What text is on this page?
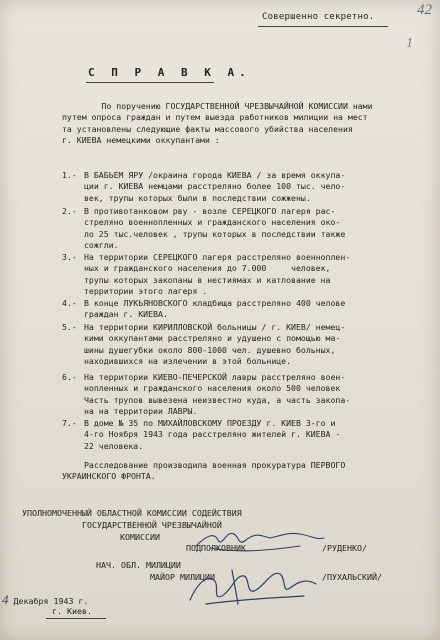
42
1
Совершенно секретно.
С П Р А В К А.
По поручению ГОСУДАРСТВЕННОЙ ЧРЕЗВЫЧАЙНОЙ КОМИССИИ нами
путем опроса граждан и путем выезда работников милиции на мест
та установлены следующие факты массового убийства населения
г. КИЕВА немецкими оккупантами :
1.- В БАБЬЕМ ЯРУ /окраина города КИЕВА / за время оккупа-
ции г. КИЕВА немцами расстреляно более 100 тыс. чело-
век, трупы которых были в последствии сожжены.
2.- В противотанковом рву - возле СЕРЕЦКОГО лагеря рас-
стреляно военнопленных и гражданского населения око-
ло 25 тыс.человек , трупы которых в последствии также
сожгли.
3.- На территории СЕРЕЦКОГО лагеря расстреляно военноплен-
ных и гражданского населения до 7.000     человек,
трупы которых закопаны в нестиямах и катлование на
территории этого лагеря .
4.- В конце ЛУКЬЯНОВСКОГО кладбища расстреляно 400 челове
граждан г. КИЕВА.
5.- На территории КИРИЛЛОВСКОЙ больницы / г. КИЕВ/ немец-
кими оккупантами расстреляно и удушено с помощью ма-
шины душегубки около 800-1000 чел. душевно больных,
находившихся на излечении в этой больнице.
6.- На территории КИЕВО-ПЕЧЕРСКОЙ лавры расстреляно воен-
нопленных и гражданского населения около 500 человек
Часть трупов вывезена неизвестно куда, а часть закопа-
на на территории ЛАВРЫ.
7.- В доме № 35 по МИХАЙЛОВСКОМУ ПРОЕЗДУ г. КИЕВ 3-го и
4-го Ноября 1943 года расстреляно жителей г. КИЕВА -
22 человека.
Расследование производила военная прокуратура ПЕРВОГО
УКРАИНСКОГО ФРОНТА.
УПОЛНОМОЧЕННЫЙ ОБЛАСТНОЙ КОМИССИИ СОДЕЙСТВИЯ
ГОСУДАРСТВЕННОЙ ЧРЕЗВЫЧАЙНОЙ
КОМИССИИ
ПОДПОЛКОВНИК	/РУДЕНКО/
НАЧ. ОБЛ. МИЛИЦИИ
МАЙОР МИЛИЦИИ	/ПУХАЛЬСКИЙ/
4 Декабря 1943 г.
г. Киев.
